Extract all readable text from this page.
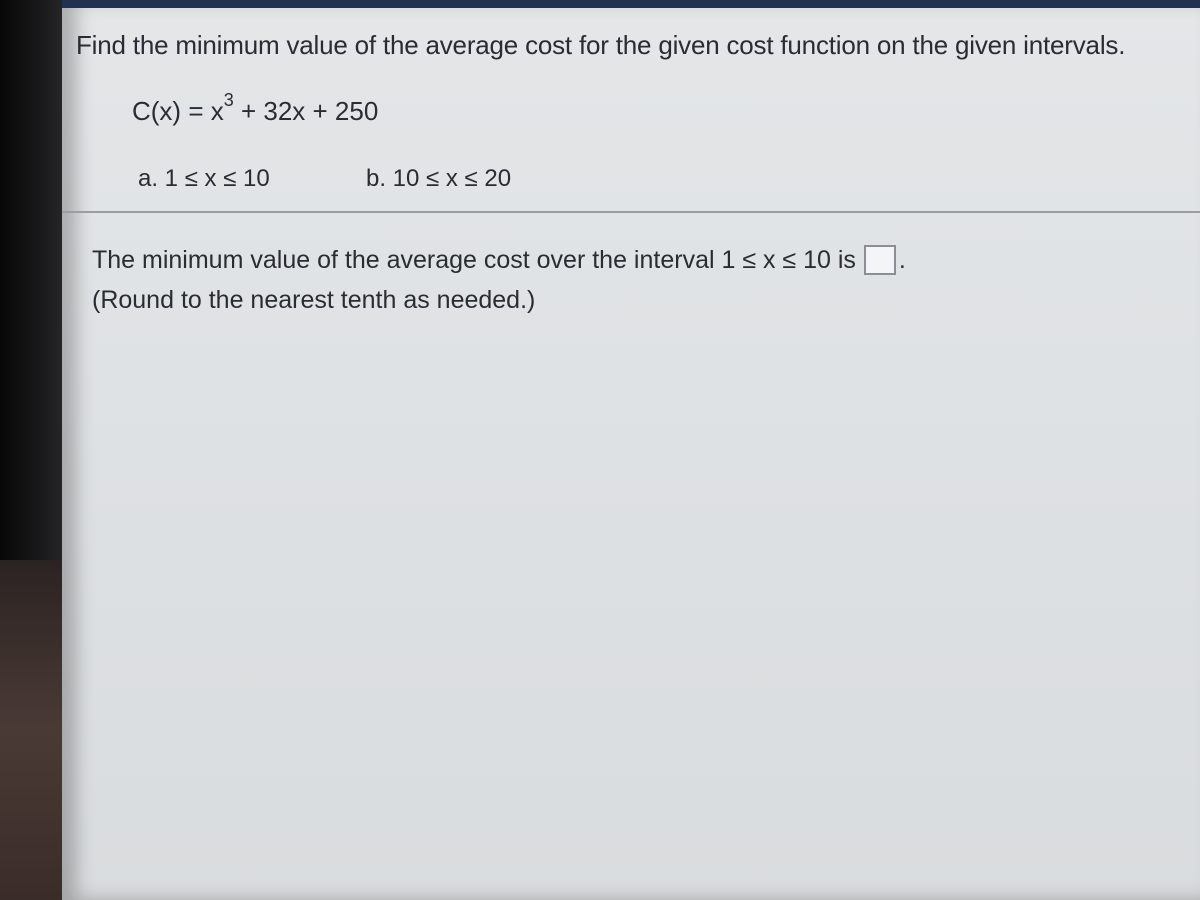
Find the minimum value of the average cost for the given cost function on the given intervals.
$C(x) = x^3 + 32x + 250$
a. 1 ≤ x ≤ 10	b. 10 ≤ x ≤ 20
The minimum value of the average cost over the interval 1 ≤ x ≤ 10 is .
(Round to the nearest tenth as needed.)
